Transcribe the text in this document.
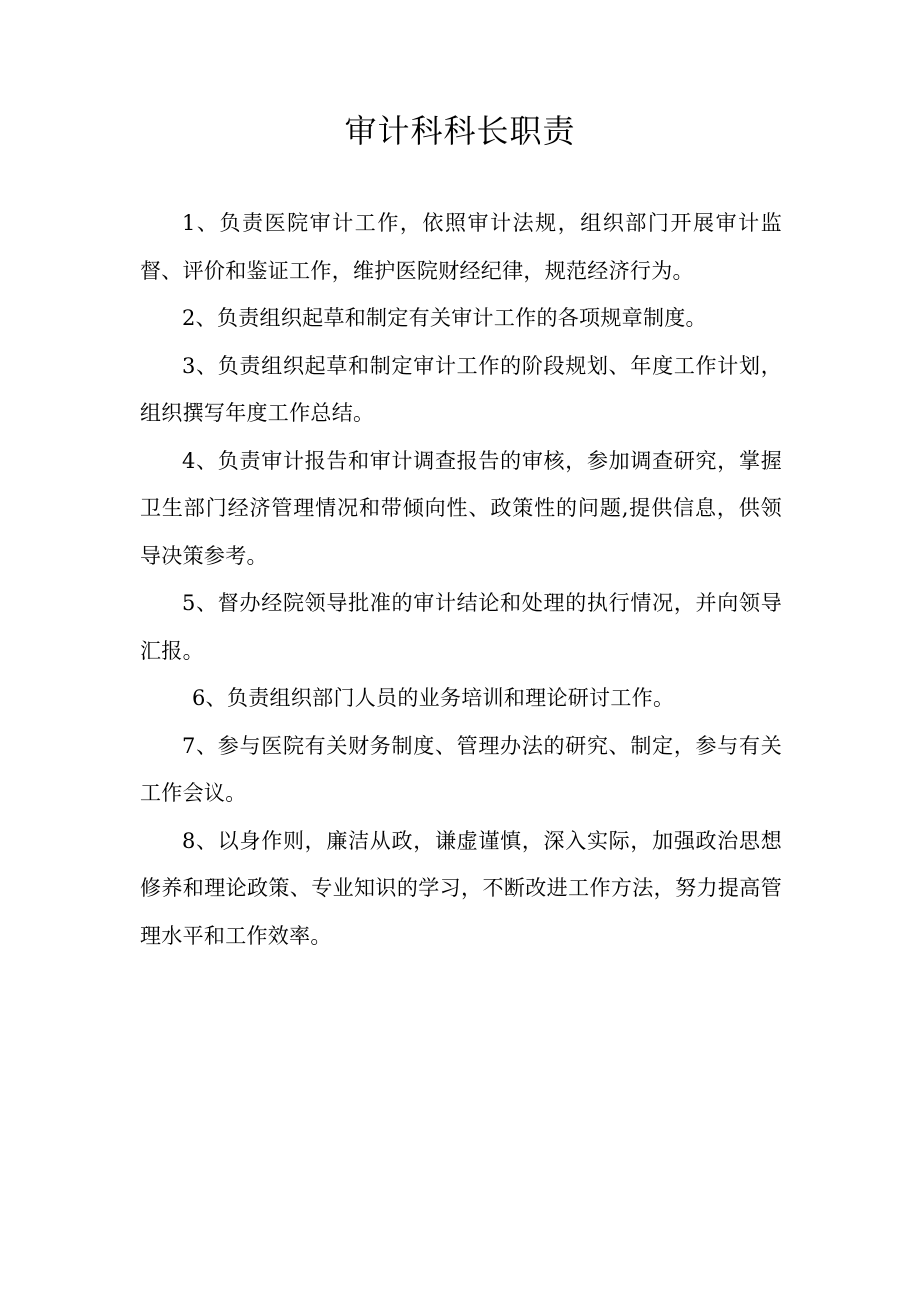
审计科科长职责

1、负责医院审计工作，依照审计法规，组织部门开展审计监督、评价和鉴证工作，维护医院财经纪律，规范经济行为。

2、负责组织起草和制定有关审计工作的各项规章制度。

3、负责组织起草和制定审计工作的阶段规划、年度工作计划，组织撰写年度工作总结。

4、负责审计报告和审计调查报告的审核，参加调查研究，掌握卫生部门经济管理情况和带倾向性、政策性的问题,提供信息，供领导决策参考。

5、督办经院领导批准的审计结论和处理的执行情况，并向领导汇报。

6、负责组织部门人员的业务培训和理论研讨工作。

7、参与医院有关财务制度、管理办法的研究、制定，参与有关工作会议。

8、以身作则，廉洁从政，谦虚谨慎，深入实际，加强政治思想修养和理论政策、专业知识的学习，不断改进工作方法，努力提高管理水平和工作效率。
